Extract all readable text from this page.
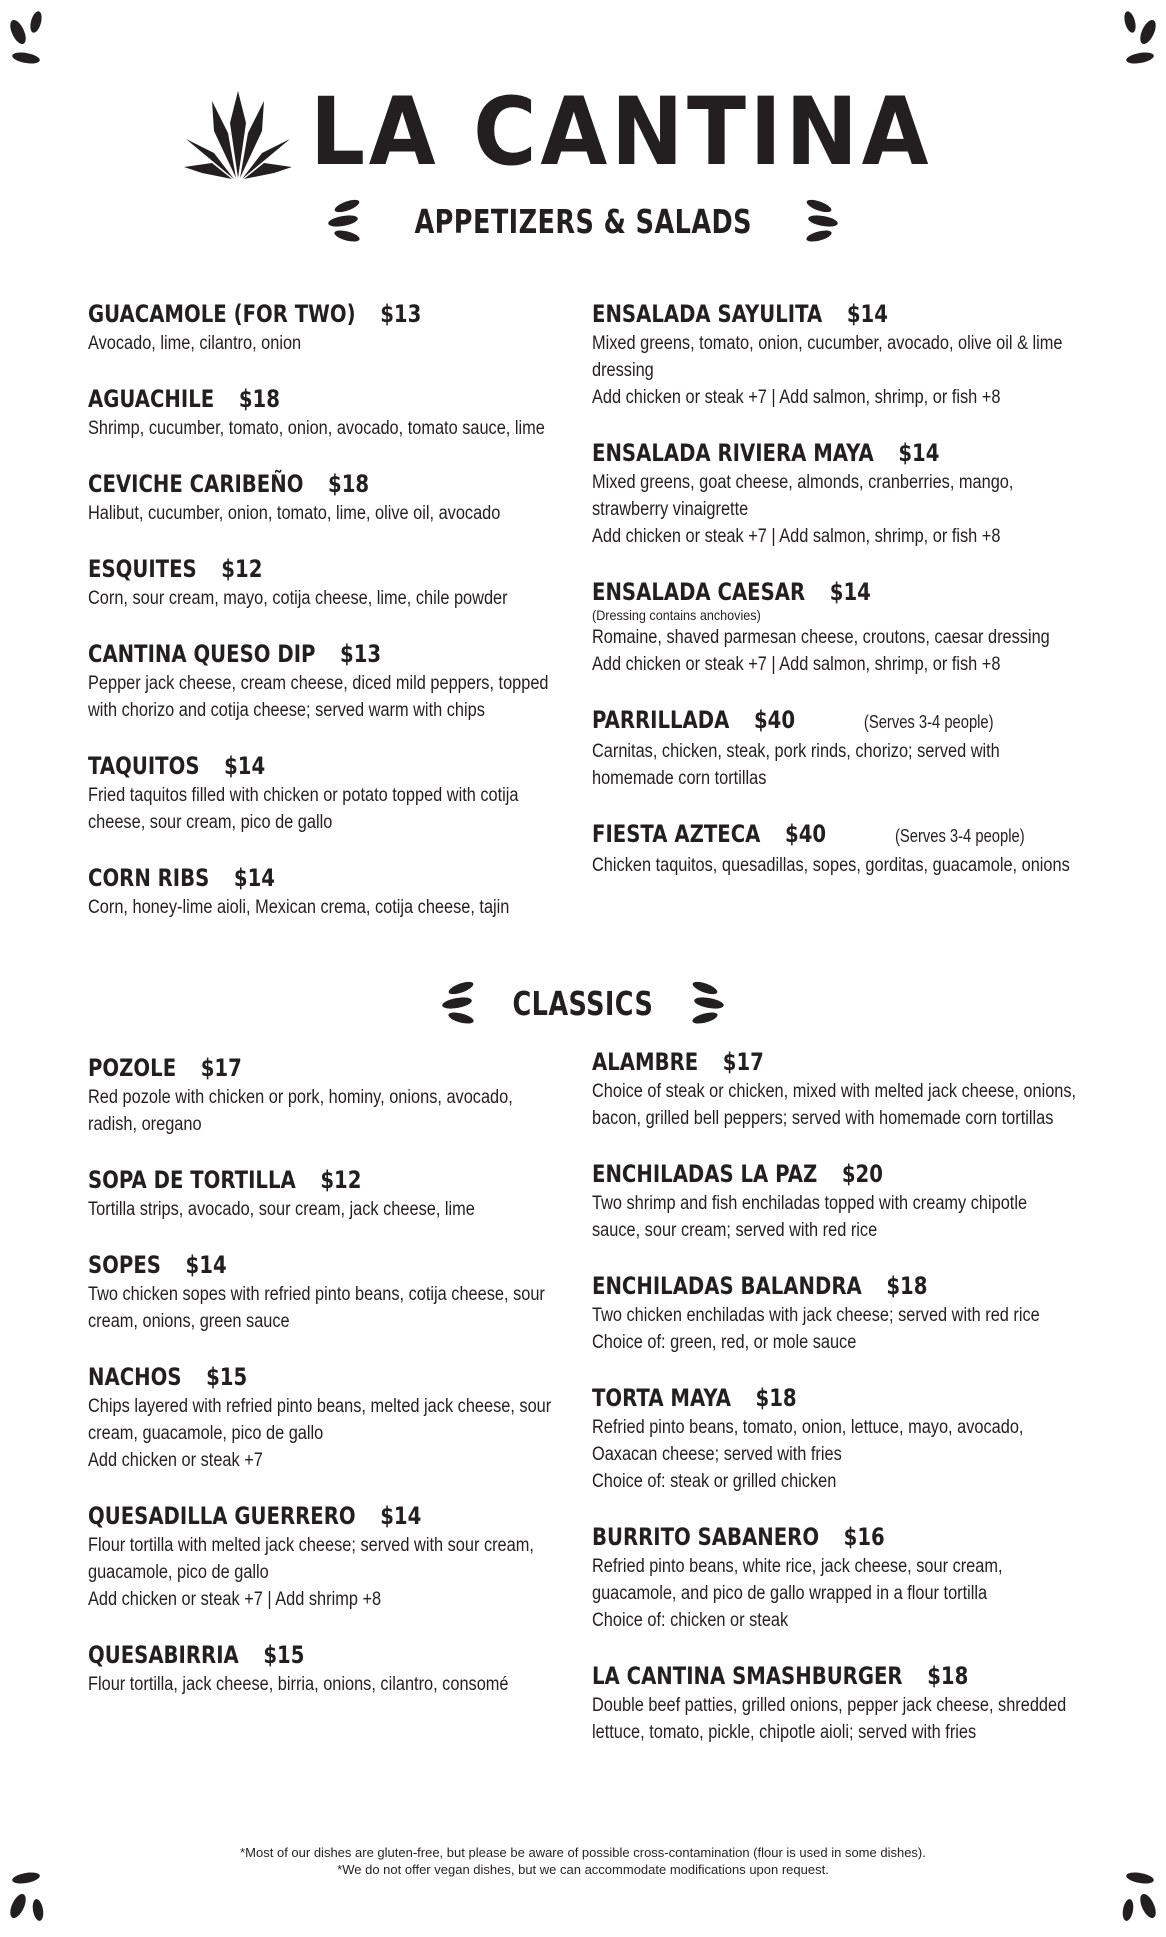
LA CANTINA
APPETIZERS & SALADS
GUACAMOLE (FOR TWO) $13
Avocado, lime, cilantro, onion
AGUACHILE $18
Shrimp, cucumber, tomato, onion, avocado, tomato sauce, lime
CEVICHE CARIBEÑO $18
Halibut, cucumber, onion, tomato, lime, olive oil, avocado
ESQUITES $12
Corn, sour cream, mayo, cotija cheese, lime, chile powder
CANTINA QUESO DIP $13
Pepper jack cheese, cream cheese, diced mild peppers, topped
with chorizo and cotija cheese; served warm with chips
TAQUITOS $14
Fried taquitos filled with chicken or potato topped with cotija
cheese, sour cream, pico de gallo
CORN RIBS $14
Corn, honey-lime aioli, Mexican crema, cotija cheese, tajin
ENSALADA SAYULITA $14
Mixed greens, tomato, onion, cucumber, avocado, olive oil & lime
dressing
Add chicken or steak +7 | Add salmon, shrimp, or fish +8
ENSALADA RIVIERA MAYA $14
Mixed greens, goat cheese, almonds, cranberries, mango,
strawberry vinaigrette
Add chicken or steak +7 | Add salmon, shrimp, or fish +8
ENSALADA CAESAR $14
(Dressing contains anchovies)
Romaine, shaved parmesan cheese, croutons, caesar dressing
Add chicken or steak +7 | Add salmon, shrimp, or fish +8
PARRILLADA $40	(Serves 3-4 people)
Carnitas, chicken, steak, pork rinds, chorizo; served with
homemade corn tortillas
FIESTA AZTECA $40	(Serves 3-4 people)
Chicken taquitos, quesadillas, sopes, gorditas, guacamole, onions
CLASSICS
POZOLE $17
Red pozole with chicken or pork, hominy, onions, avocado,
radish, oregano
SOPA DE TORTILLA $12
Tortilla strips, avocado, sour cream, jack cheese, lime
SOPES $14
Two chicken sopes with refried pinto beans, cotija cheese, sour
cream, onions, green sauce
NACHOS $15
Chips layered with refried pinto beans, melted jack cheese, sour
cream, guacamole, pico de gallo
Add chicken or steak +7
QUESADILLA GUERRERO $14
Flour tortilla with melted jack cheese; served with sour cream,
guacamole, pico de gallo
Add chicken or steak +7 | Add shrimp +8
QUESABIRRIA $15
Flour tortilla, jack cheese, birria, onions, cilantro, consomé
ALAMBRE $17
Choice of steak or chicken, mixed with melted jack cheese, onions,
bacon, grilled bell peppers; served with homemade corn tortillas
ENCHILADAS LA PAZ $20
Two shrimp and fish enchiladas topped with creamy chipotle
sauce, sour cream; served with red rice
ENCHILADAS BALANDRA $18
Two chicken enchiladas with jack cheese; served with red rice
Choice of: green, red, or mole sauce
TORTA MAYA $18
Refried pinto beans, tomato, onion, lettuce, mayo, avocado,
Oaxacan cheese; served with fries
Choice of: steak or grilled chicken
BURRITO SABANERO $16
Refried pinto beans, white rice, jack cheese, sour cream,
guacamole, and pico de gallo wrapped in a flour tortilla
Choice of: chicken or steak
LA CANTINA SMASHBURGER $18
Double beef patties, grilled onions, pepper jack cheese, shredded
lettuce, tomato, pickle, chipotle aioli; served with fries
*Most of our dishes are gluten-free, but please be aware of possible cross-contamination (flour is used in some dishes).
*We do not offer vegan dishes, but we can accommodate modifications upon request.
